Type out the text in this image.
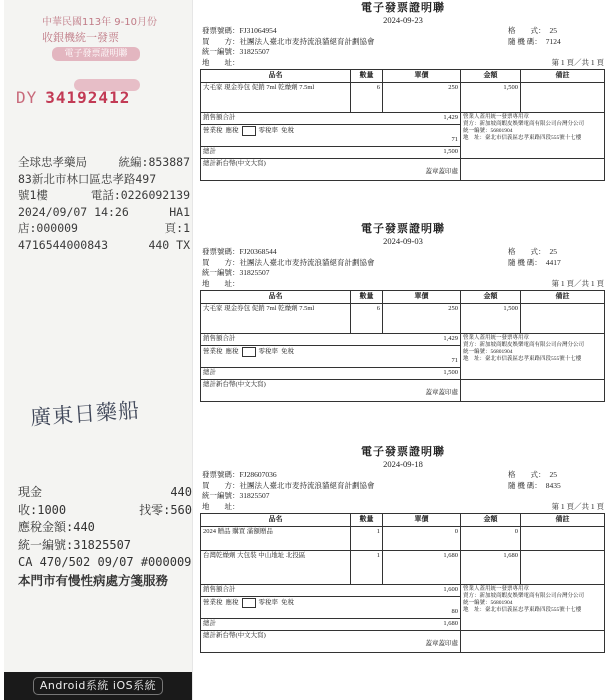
中華民國113年 9-10月份
收銀機統一發票
電子發票證明聯
DY 34192412
全球忠孝藥局	統編:853887
83新北市林口區忠孝路497
號1樓	電話:0226092139
2024/09/07 14:26	HA1
店:000009	頁:1
4716544000843	440 TX
廣東日藥船
現金	440
收:1000	找零:560
應稅金額:440
統一編號:31825507
CA 470/502 09/07 #000009
本門市有慢性病處方箋服務
Android系統 iOS系統
電子發票證明聯
2024-09-23
發票號碼：FJ31064954	格　　式： 25
買　　方：社團法人臺北市麦持流浪貓絕育計劃協會	隨 機 碼： 7124
統一編號：31825507
地　　址：	第 1 頁／共 1 頁
品名	數量	單價	金額	備註
大毛家 現金券包 促銷 7ml 乾燥劑 7.5ml	6	250	1,500	
銷售額合計 1,429			營業人蓋用統一發票專用章
賣方：新加坡商蝦皮娛樂電商有限公司台灣分公司
統一編號：56801904
地　址：臺北市信義區忠孝東路四段555號十七樓	

營業稅 應稅 零稅率 免稅
71				

總計 1,500				

總計新台幣(中文大寫)

蓋章蓋印處				

電子發票證明聯
2024-09-03
發票號碼：FJ20368544	格　　式： 25
買　　方：社團法人臺北市麦持流浪貓絕育計劃協會	隨 機 碼： 4417
統一編號：31825507
地　　址：	第 1 頁／共 1 頁
品名	數量	單價	金額	備註
大毛家 現金券包 促銷 7ml 乾燥劑 7.5ml	6	250	1,500	
銷售額合計 1,429			營業人蓋用統一發票專用章
賣方：新加坡商蝦皮娛樂電商有限公司台灣分公司
統一編號：56801904
地　址：臺北市信義區忠孝東路四段555號十七樓	

營業稅 應稅 零稅率 免稅
71				

總計 1,500				

總計新台幣(中文大寫)

蓋章蓋印處				

電子發票證明聯
2024-09-18
發票號碼：FJ28607036	格　　式： 25
買　　方：社團法人臺北市麦持流浪貓絕育計劃協會	隨 機 碼： 8435
統一編號：31825507
地　　址：	第 1 頁／共 1 頁
品名	數量	單價	金額	備註
2024 贈品 購買 滿額贈品	1	0	0	
台灣乾燥劑 大包裝 中山地址 北投區	1	1,680	1,680	
銷售額合計 1,600			營業人蓋用統一發票專用章
賣方：新加坡商蝦皮娛樂電商有限公司台灣分公司
統一編號：56801904
地　址：臺北市信義區忠孝東路四段555號十七樓	

營業稅 應稅 零稅率 免稅
80				

總計 1,680				

總計新台幣(中文大寫)

蓋章蓋印處				
